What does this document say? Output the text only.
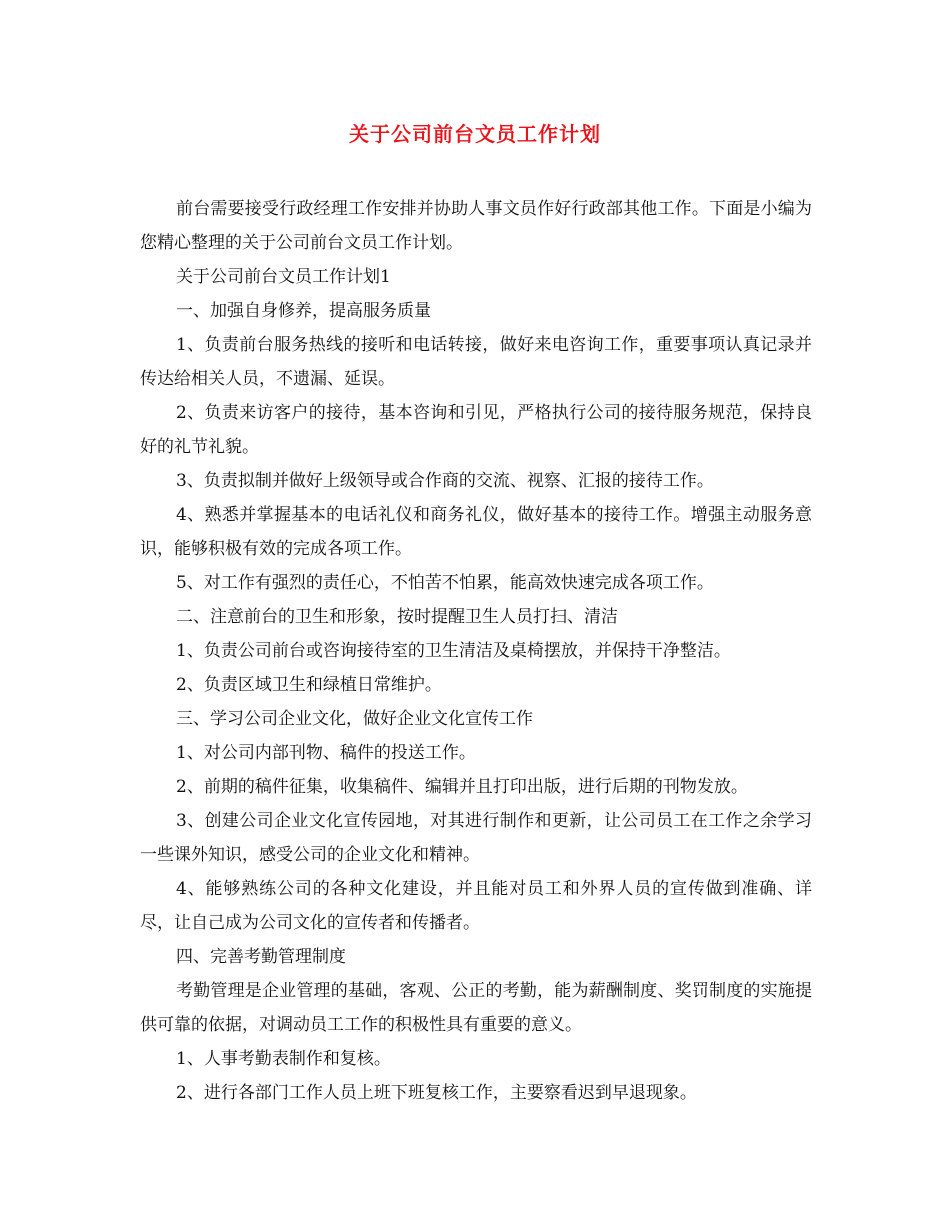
关于公司前台文员工作计划

前台需要接受行政经理工作安排并协助人事文员作好行政部其他工作。下面是小编为您精心整理的关于公司前台文员工作计划。

关于公司前台文员工作计划1

一、加强自身修养，提高服务质量

1、负责前台服务热线的接听和电话转接，做好来电咨询工作，重要事项认真记录并传达给相关人员，不遗漏、延误。

2、负责来访客户的接待，基本咨询和引见，严格执行公司的接待服务规范，保持良好的礼节礼貌。

3、负责拟制并做好上级领导或合作商的交流、视察、汇报的接待工作。

4、熟悉并掌握基本的电话礼仪和商务礼仪，做好基本的接待工作。增强主动服务意识，能够积极有效的完成各项工作。

5、对工作有强烈的责任心，不怕苦不怕累，能高效快速完成各项工作。

二、注意前台的卫生和形象，按时提醒卫生人员打扫、清洁

1、负责公司前台或咨询接待室的卫生清洁及桌椅摆放，并保持干净整洁。

2、负责区域卫生和绿植日常维护。

三、学习公司企业文化，做好企业文化宣传工作

1、对公司内部刊物、稿件的投送工作。

2、前期的稿件征集，收集稿件、编辑并且打印出版，进行后期的刊物发放。

3、创建公司企业文化宣传园地，对其进行制作和更新，让公司员工在工作之余学习一些课外知识，感受公司的企业文化和精神。

4、能够熟练公司的各种文化建设，并且能对员工和外界人员的宣传做到准确、详尽，让自己成为公司文化的宣传者和传播者。

四、完善考勤管理制度

考勤管理是企业管理的基础，客观、公正的考勤，能为薪酬制度、奖罚制度的实施提供可靠的依据，对调动员工工作的积极性具有重要的意义。

1、人事考勤表制作和复核。

2、进行各部门工作人员上班下班复核工作，主要察看迟到早退现象。
